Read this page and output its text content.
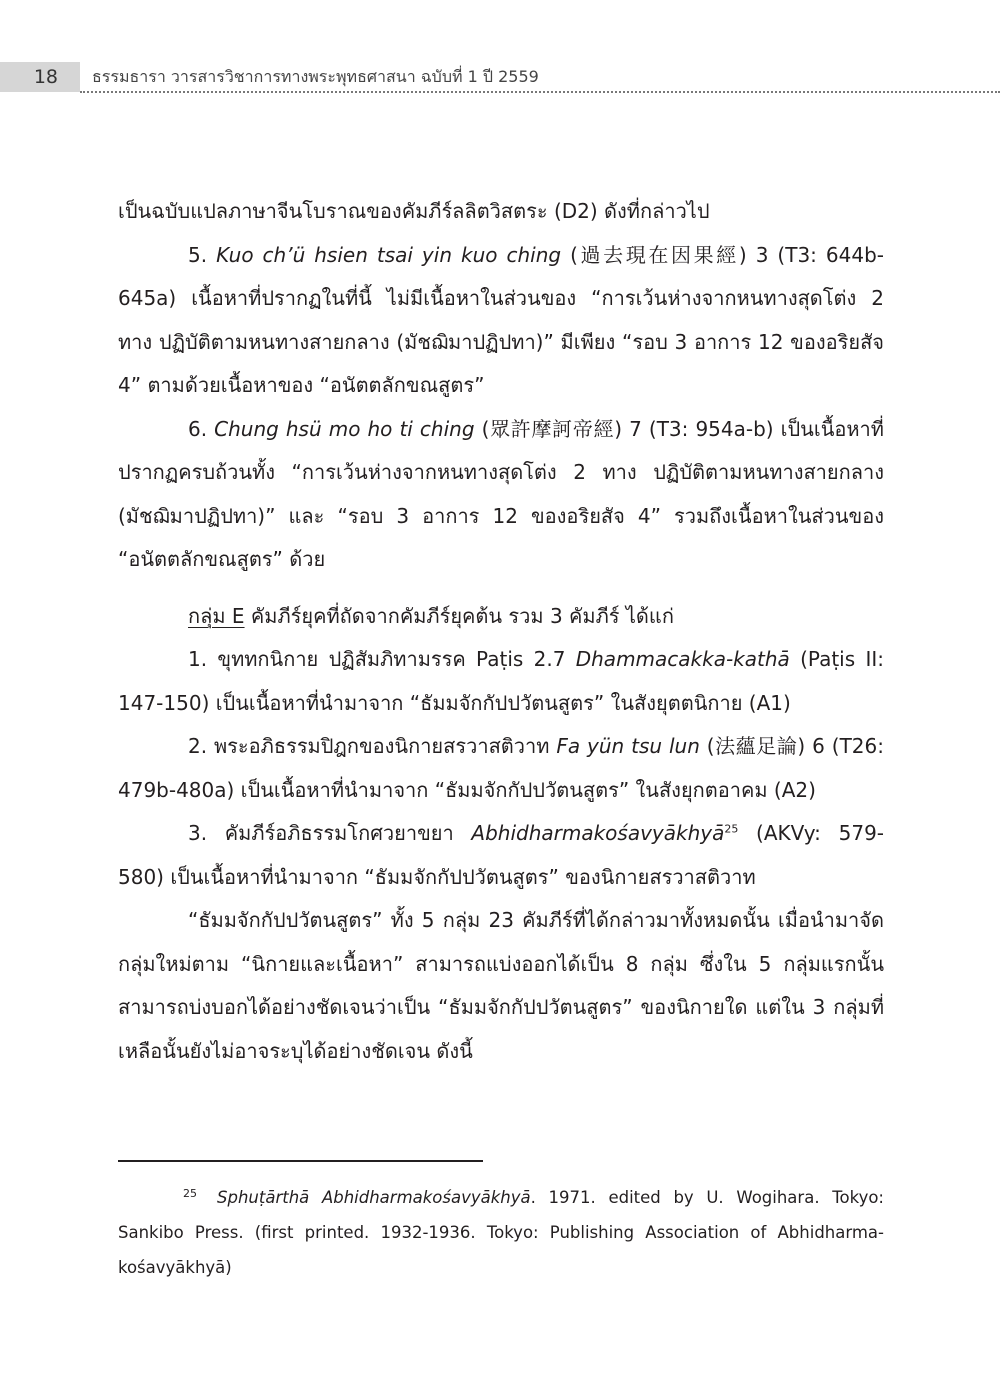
18	ธรรมธารา วารสารวิชาการทางพระพุทธศาสนา ฉบับที่ 1 ปี 2559

เป็นฉบับแปลภาษาจีนโบราณของคัมภีร์ลลิตวิสตระ (D2) ดังที่กล่าวไป

5. Kuo ch’ü hsien tsai yin kuo ching (過去現在因果經) 3 (T3: 644b-645a) เนื้อหาที่ปรากฏในที่นี้ ไม่มีเนื้อหาในส่วนของ “การเว้นห่างจากหนทางสุดโต่ง 2 ทาง ปฏิบัติตามหนทางสายกลาง (มัชฌิมาปฏิปทา)” มีเพียง “รอบ 3 อาการ 12 ของอริยสัจ 4” ตามด้วยเนื้อหาของ “อนัตตลักขณสูตร”

6. Chung hsü mo ho ti ching (眾許摩訶帝經) 7 (T3: 954a-b) เป็นเนื้อหาที่ปรากฏครบถ้วนทั้ง “การเว้นห่างจากหนทางสุดโต่ง 2 ทาง ปฏิบัติตามหนทางสายกลาง (มัชฌิมาปฏิปทา)” และ “รอบ 3 อาการ 12 ของอริยสัจ 4” รวมถึงเนื้อหาในส่วนของ “อนัตตลักขณสูตร” ด้วย

กลุ่ม E คัมภีร์ยุคที่ถัดจากคัมภีร์ยุคต้น รวม 3 คัมภีร์ ได้แก่

1. ขุททกนิกาย ปฏิสัมภิทามรรค Paṭis 2.7 Dhammacakka-kathā (Paṭis II: 147-150) เป็นเนื้อหาที่นำมาจาก “ธัมมจักกัปปวัตนสูตร” ในสังยุตตนิกาย (A1)

2. พระอภิธรรมปิฎกของนิกายสรวาสติวาท Fa yün tsu lun (法蘊足論) 6 (T26: 479b-480a) เป็นเนื้อหาที่นำมาจาก “ธัมมจักกัปปวัตนสูตร” ในสังยุกตอาคม (A2)

3. คัมภีร์อภิธรรมโกศวยาขยา Abhidharmakośavyākhyā$^{25}$ (AKVy: 579-580) เป็นเนื้อหาที่นำมาจาก “ธัมมจักกัปปวัตนสูตร” ของนิกายสรวาสติวาท

“ธัมมจักกัปปวัตนสูตร” ทั้ง 5 กลุ่ม 23 คัมภีร์ที่ได้กล่าวมาทั้งหมดนั้น เมื่อนำมาจัดกลุ่มใหม่ตาม “นิกายและเนื้อหา” สามารถแบ่งออกได้เป็น 8 กลุ่ม ซึ่งใน 5 กลุ่มแรกนั้นสามารถบ่งบอกได้อย่างชัดเจนว่าเป็น “ธัมมจักกัปปวัตนสูตร” ของนิกายใด แต่ใน 3 กลุ่มที่เหลือนั้นยังไม่อาจระบุได้อย่างชัดเจน ดังนี้

$^{25}$ Sphuṭārthā Abhidharmakośavyākhyā. 1971. edited by U. Wogihara. Tokyo: Sankibo Press. (first printed. 1932-1936. Tokyo: Publishing Association of Abhidharma-kośavyākhyā)
